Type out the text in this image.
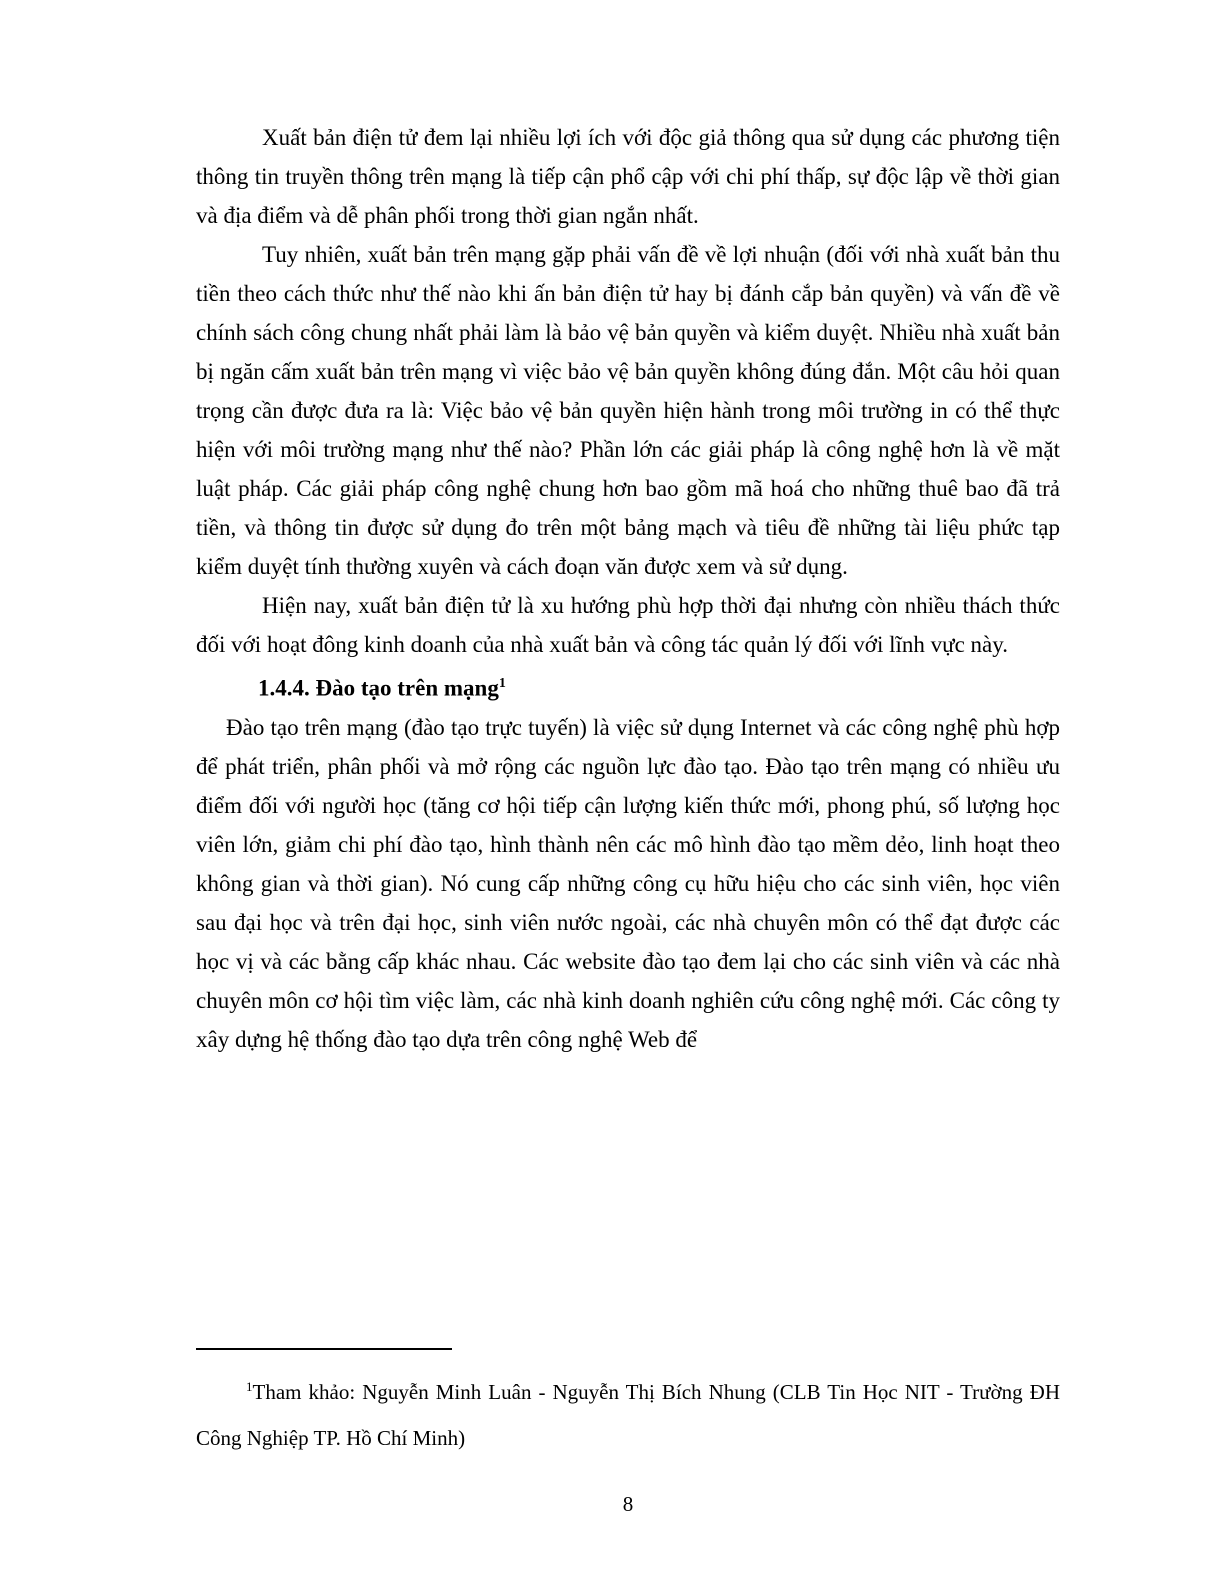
Xuất bản điện tử đem lại nhiều lợi ích với độc giả thông qua sử dụng các phương tiện thông tin truyền thông trên mạng là tiếp cận phổ cập với chi phí thấp, sự độc lập về thời gian và địa điểm và dễ phân phối trong thời gian ngắn nhất.

Tuy nhiên, xuất bản trên mạng gặp phải vấn đề về lợi nhuận (đối với nhà xuất bản thu tiền theo cách thức như thế nào khi ấn bản điện tử hay bị đánh cắp bản quyền) và vấn đề về chính sách công chung nhất phải làm là bảo vệ bản quyền và kiểm duyệt. Nhiều nhà xuất bản bị ngăn cấm xuất bản trên mạng vì việc bảo vệ bản quyền không đúng đắn. Một câu hỏi quan trọng cần được đưa ra là: Việc bảo vệ bản quyền hiện hành trong môi trường in có thể thực hiện với môi trường mạng như thế nào? Phần lớn các giải pháp là công nghệ hơn là về mặt luật pháp. Các giải pháp công nghệ chung hơn bao gồm mã hoá cho những thuê bao đã trả tiền, và thông tin được sử dụng đo trên một bảng mạch và tiêu đề những tài liệu phức tạp kiểm duyệt tính thường xuyên và cách đoạn văn được xem và sử dụng.

Hiện nay, xuất bản điện tử là xu hướng phù hợp thời đại nhưng còn nhiều thách thức đối với hoạt đông kinh doanh của nhà xuất bản và công tác quản lý đối với lĩnh vực này.

1.4.4. Đào tạo trên mạng$^1$

Đào tạo trên mạng (đào tạo trực tuyến) là việc sử dụng Internet và các công nghệ phù hợp để phát triển, phân phối và mở rộng các nguồn lực đào tạo. Đào tạo trên mạng có nhiều ưu điểm đối với người học (tăng cơ hội tiếp cận lượng kiến thức mới, phong phú, số lượng học viên lớn, giảm chi phí đào tạo, hình thành nên các mô hình đào tạo mềm dẻo, linh hoạt theo không gian và thời gian). Nó cung cấp những công cụ hữu hiệu cho các sinh viên, học viên sau đại học và trên đại học, sinh viên nước ngoài, các nhà chuyên môn có thể đạt được các học vị và các bằng cấp khác nhau. Các website đào tạo đem lại cho các sinh viên và các nhà chuyên môn cơ hội tìm việc làm, các nhà kinh doanh nghiên cứu công nghệ mới. Các công ty xây dựng hệ thống đào tạo dựa trên công nghệ Web để

$^1$Tham khảo: Nguyễn Minh Luân - Nguyễn Thị Bích Nhung (CLB Tin Học NIT - Trường ĐH Công Nghiệp TP. Hồ Chí Minh)

8
